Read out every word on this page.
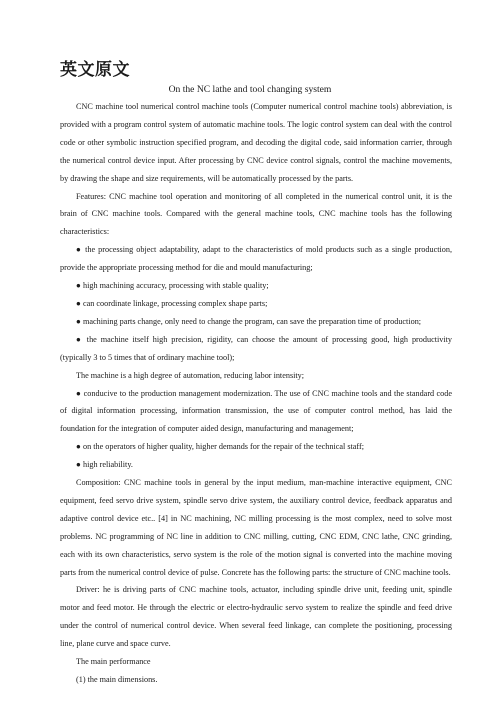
英文原文
On the NC lathe and tool changing system

CNC machine tool numerical control machine tools (Computer numerical control machine tools) abbreviation, is provided with a program control system of automatic machine tools. The logic control system can deal with the control code or other symbolic instruction specified program, and decoding the digital code, said information carrier, through the numerical control device input. After processing by CNC device control signals, control the machine movements, by drawing the shape and size requirements, will be automatically processed by the parts.

Features: CNC machine tool operation and monitoring of all completed in the numerical control unit, it is the brain of CNC machine tools. Compared with the general machine tools, CNC machine tools has the following characteristics:

● the processing object adaptability, adapt to the characteristics of mold products such as a single production, provide the appropriate processing method for die and mould manufacturing;

● high machining accuracy, processing with stable quality;

● can coordinate linkage, processing complex shape parts;

● machining parts change, only need to change the program, can save the preparation time of production;

● the machine itself high precision, rigidity, can choose the amount of processing good, high productivity (typically 3 to 5 times that of ordinary machine tool);

The machine is a high degree of automation, reducing labor intensity;

● conducive to the production management modernization. The use of CNC machine tools and the standard code of digital information processing, information transmission, the use of computer control method, has laid the foundation for the integration of computer aided design, manufacturing and management;

● on the operators of higher quality, higher demands for the repair of the technical staff;

● high reliability.

Composition: CNC machine tools in general by the input medium, man-machine interactive equipment, CNC equipment, feed servo drive system, spindle servo drive system, the auxiliary control device, feedback apparatus and adaptive control device etc.. [4] in NC machining, NC milling processing is the most complex, need to solve most problems. NC programming of NC line in addition to CNC milling, cutting, CNC EDM, CNC lathe, CNC grinding, each with its own characteristics, servo system is the role of the motion signal is converted into the machine moving parts from the numerical control device of pulse. Concrete has the following parts: the structure of CNC machine tools.

Driver: he is driving parts of CNC machine tools, actuator, including spindle drive unit, feeding unit, spindle motor and feed motor. He through the electric or electro-hydraulic servo system to realize the spindle and feed drive under the control of numerical control device. When several feed linkage, can complete the positioning, processing line, plane curve and space curve.

The main performance

(1) the main dimensions.
